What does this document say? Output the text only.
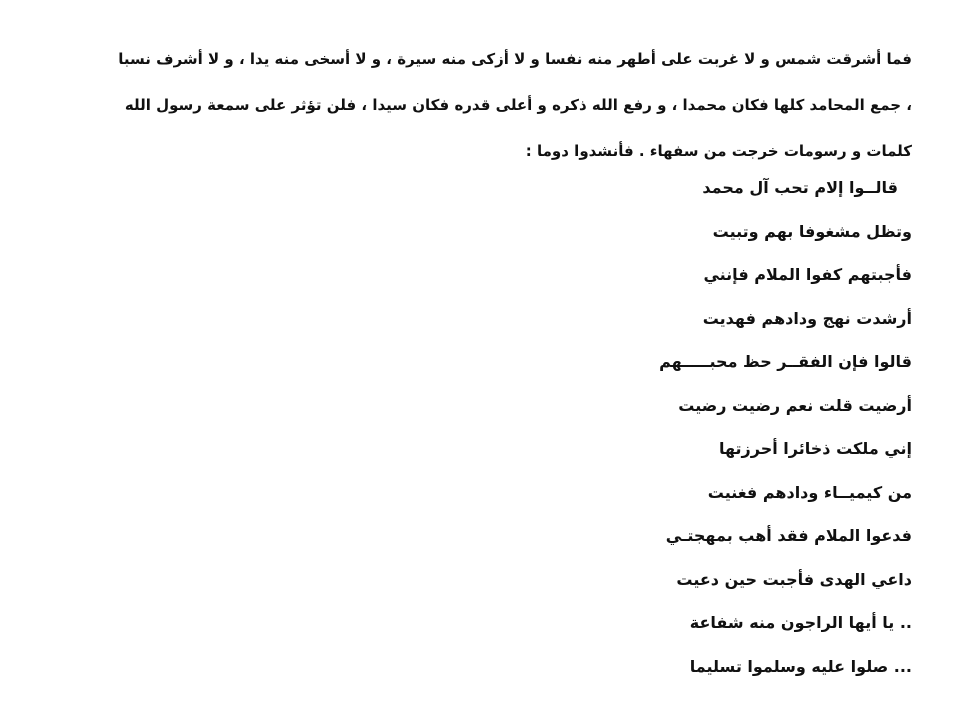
فما أشرقت شمس و لا غربت على أطهر منه نفسا و لا أزكى منه سيرة ، و لا أسخى منه يدا ، و لا أشرف نسبا
، جمع المحامد كلها فكان محمدا ، و رفع الله ذكره و أعلى قدره فكان سيدا ، فلن تؤثر على سمعة رسول الله
كلمات و رسومات خرجت من سفهاء . فأنشدوا دوما :
قالــوا إلام تحب آل محمد
وتظل مشغوفا بهم وتبيت
فأجبتهم كفوا الملام فإنني
أرشدت نهج ودادهم فهديت
قالوا فإن الفقــر حظ محبـــــهم
أرضيت قلت نعم رضيت رضيت
إني ملكت ذخائرا أحرزتها
من كيميــاء ودادهم فغنيت
فدعوا الملام فقد أهب بمهجتـي
داعي الهدى فأجبت حين دعيت
.. يا أيها الراجون منه شفاعة
... صلوا عليه وسلموا تسليما
